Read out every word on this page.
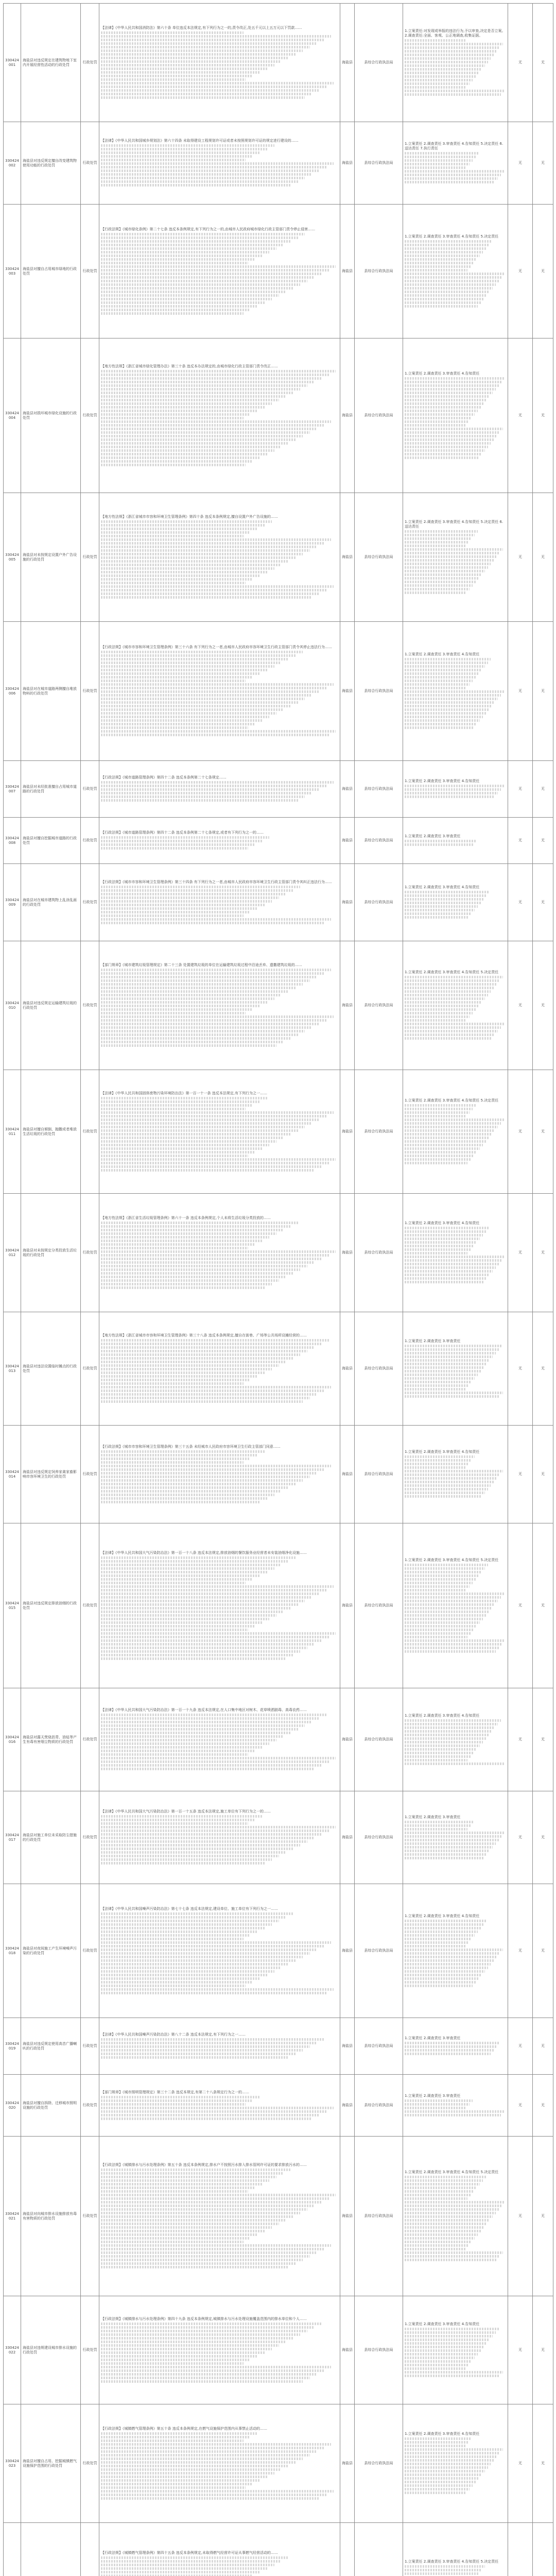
330424001	海盐县对违反规定在建筑物地下室内开展经营性活动的行政处罚	行政处罚	【法律】《中华人民共和国消防法》第六十条 单位违反本法规定,有下列行为之一的,责令改正,处五千元以上五万元以下罚款……	海盐县	县综合行政执法局	1.立案责任:对发现或举报的违法行为,予以审查,决定是否立案。2.调查责任:全面、客观、公正地调查,收集证据。	无	无
330424002	海盐县对违反规定擅自改变建筑物使用功能的行政处罚	行政处罚	【法律】《中华人民共和国城乡规划法》第六十四条 未取得建设工程规划许可证或者未按照规划许可证的规定进行建设的……	海盐县	县综合行政执法局	1.立案责任 2.调查责任 3.审查责任 4.告知责任 5.决定责任 6.送达责任 7.执行责任	无	无
330424003	海盐县对擅自占用城市绿地的行政处罚	行政处罚	【行政法规】《城市绿化条例》第二十七条 违反本条例规定,有下列行为之一的,由城市人民政府城市绿化行政主管部门责令停止侵害……	海盐县	县综合行政执法局	1.立案责任 2.调查责任 3.审查责任 4.告知责任 5.决定责任	无	无
330424004	海盐县对损坏城市绿化设施的行政处罚	行政处罚	【地方性法规】《浙江省城市绿化管理办法》第三十条 违反本办法规定的,由城市绿化行政主管部门责令改正……	海盐县	县综合行政执法局	1.立案责任 2.调查责任 3.审查责任 4.告知责任	无	无
330424005	海盐县对未按规定设置户外广告设施的行政处罚	行政处罚	【地方性法规】《浙江省城市市容和环境卫生管理条例》第四十条 违反本条例规定,擅自设置户外广告设施的……	海盐县	县综合行政执法局	1.立案责任 2.调查责任 3.审查责任 4.告知责任 5.决定责任 6.送达责任	无	无
330424006	海盐县对在城市道路两侧擅自堆放物料的行政处罚	行政处罚	【行政法规】《城市市容和环境卫生管理条例》第三十六条 有下列行为之一者,由城市人民政府市容环境卫生行政主管部门责令其停止违法行为……	海盐县	县综合行政执法局	1.立案责任 2.调查责任 3.审查责任 4.告知责任	无	无
330424007	海盐县对未经批准擅自占用城市道路的行政处罚	行政处罚	【行政法规】《城市道路管理条例》第四十二条 违反本条例第二十七条规定……	海盐县	县综合行政执法局	1.立案责任 2.调查责任 3.审查责任 4.告知责任	无	无
330424008	海盐县对擅自挖掘城市道路的行政处罚	行政处罚	【行政法规】《城市道路管理条例》第四十二条 违反本条例第二十七条规定,或者有下列行为之一的……	海盐县	县综合行政执法局	1.立案责任 2.调查责任 3.审查责任	无	无
330424009	海盐县对在城市建筑物上乱涂乱画的行政处罚	行政处罚	【行政法规】《城市市容和环境卫生管理条例》第三十四条 有下列行为之一者,由城市人民政府市容环境卫生行政主管部门责令其纠正违法行为……	海盐县	县综合行政执法局	1.立案责任 2.调查责任 3.审查责任 4.告知责任	无	无
330424010	海盐县对违反规定运输建筑垃圾的行政处罚	行政处罚	【部门规章】《城市建筑垃圾管理规定》第二十三条 处置建筑垃圾的单位在运输建筑垃圾过程中沿途丢弃、遗撒建筑垃圾的……	海盐县	县综合行政执法局	1.立案责任 2.调查责任 3.审查责任 4.告知责任 5.决定责任	无	无
330424011	海盐县对擅自倾倒、抛撒或者堆放生活垃圾的行政处罚	行政处罚	【法律】《中华人民共和国固体废物污染环境防治法》第一百一十一条 违反本法规定,有下列行为之一……	海盐县	县综合行政执法局	1.立案责任 2.调查责任 3.审查责任 4.告知责任 5.决定责任	无	无
330424012	海盐县对未按规定分类投放生活垃圾的行政处罚	行政处罚	【地方性法规】《浙江省生活垃圾管理条例》第六十一条 违反本条例规定,个人未将生活垃圾分类投放的……	海盐县	县综合行政执法局	1.立案责任 2.调查责任 3.审查责任 4.告知责任	无	无
330424013	海盐县对违法设置临时摊点的行政处罚	行政处罚	【地方性法规】《浙江省城市市容和环境卫生管理条例》第三十八条 违反本条例规定,擅自在街巷、广场等公共场所设摊经营的……	海盐县	县综合行政执法局	1.立案责任 2.调查责任 3.审查责任	无	无
330424014	海盐县对违反规定饲养家禽家畜影响市容环境卫生的行政处罚	行政处罚	【行政法规】《城市市容和环境卫生管理条例》第三十五条 未经城市人民政府市容环境卫生行政主管部门同意……	海盐县	县综合行政执法局	1.立案责任 2.调查责任 3.审查责任 4.告知责任	无	无
330424015	海盐县对违反规定排放油烟的行政处罚	行政处罚	【法律】《中华人民共和国大气污染防治法》第一百一十八条 违反本法规定,排放油烟的餐饮服务业经营者未安装油烟净化设施……	海盐县	县综合行政执法局	1.立案责任 2.调查责任 3.审查责任 4.告知责任 5.决定责任	无	无
330424016	海盐县对露天焚烧沥青、油毡等产生有毒有害烟尘物质的行政处罚	行政处罚	【法律】《中华人民共和国大气污染防治法》第一百一十九条 违反本法规定,在人口集中地区对树木、花草喷洒剧毒、高毒农药……	海盐县	县综合行政执法局	1.立案责任 2.调查责任 3.审查责任 4.告知责任	无	无
330424017	海盐县对施工单位未采取防尘措施的行政处罚	行政处罚	【法律】《中华人民共和国大气污染防治法》第一百一十五条 违反本法规定,施工单位有下列行为之一的……	海盐县	县综合行政执法局	1.立案责任 2.调查责任 3.审查责任	无	无
330424018	海盐县对夜间施工产生环境噪声污染的行政处罚	行政处罚	【法律】《中华人民共和国噪声污染防治法》第七十七条 违反本法规定,建设单位、施工单位有下列行为之一……	海盐县	县综合行政执法局	1.立案责任 2.调查责任 3.审查责任 4.告知责任	无	无
330424019	海盐县对违反规定使用高音广播喇叭的行政处罚	行政处罚	【法律】《中华人民共和国噪声污染防治法》第八十二条 违反本法规定,有下列行为之一……	海盐县	县综合行政执法局	1.立案责任 2.调查责任 3.审查责任	无	无
330424020	海盐县对擅自拆除、迁移城市照明设施的行政处罚	行政处罚	【部门规章】《城市照明管理规定》第三十二条 违反本规定,有第二十八条规定行为之一的……	海盐县	县综合行政执法局	1.立案责任 2.调查责任 3.审查责任	无	无
330424021	海盐县对向城市排水设施排放有毒有害物质的行政处罚	行政处罚	【行政法规】《城镇排水与污水处理条例》第五十条 违反本条例规定,排水户不按照污水排入排水管网许可证的要求排放污水的……	海盐县	县综合行政执法局	1.立案责任 2.调查责任 3.审查责任 4.告知责任 5.决定责任	无	无
330424022	海盐县对违规建设城市排水设施的行政处罚	行政处罚	【行政法规】《城镇排水与污水处理条例》第四十九条 违反本条例规定,城镇排水与污水处理设施覆盖范围内的排水单位和个人……	海盐县	县综合行政执法局	1.立案责任 2.调查责任 3.审查责任 4.告知责任	无	无
330424023	海盐县对擅自占用、挖掘城镇燃气设施保护范围的行政处罚	行政处罚	【行政法规】《城镇燃气管理条例》第五十条 违反本条例规定,在燃气设施保护范围内从事禁止活动的……	海盐县	县综合行政执法局	1.立案责任 2.调查责任 3.审查责任 4.告知责任	无	无
			【行政法规】《城镇燃气管理条例》第四十五条 违反本条例规定,未取得燃气经营许可证从事燃气经营活动的……			1.立案责任 2.调查责任 3.审查责任 4.告知责任 5.决定责任
